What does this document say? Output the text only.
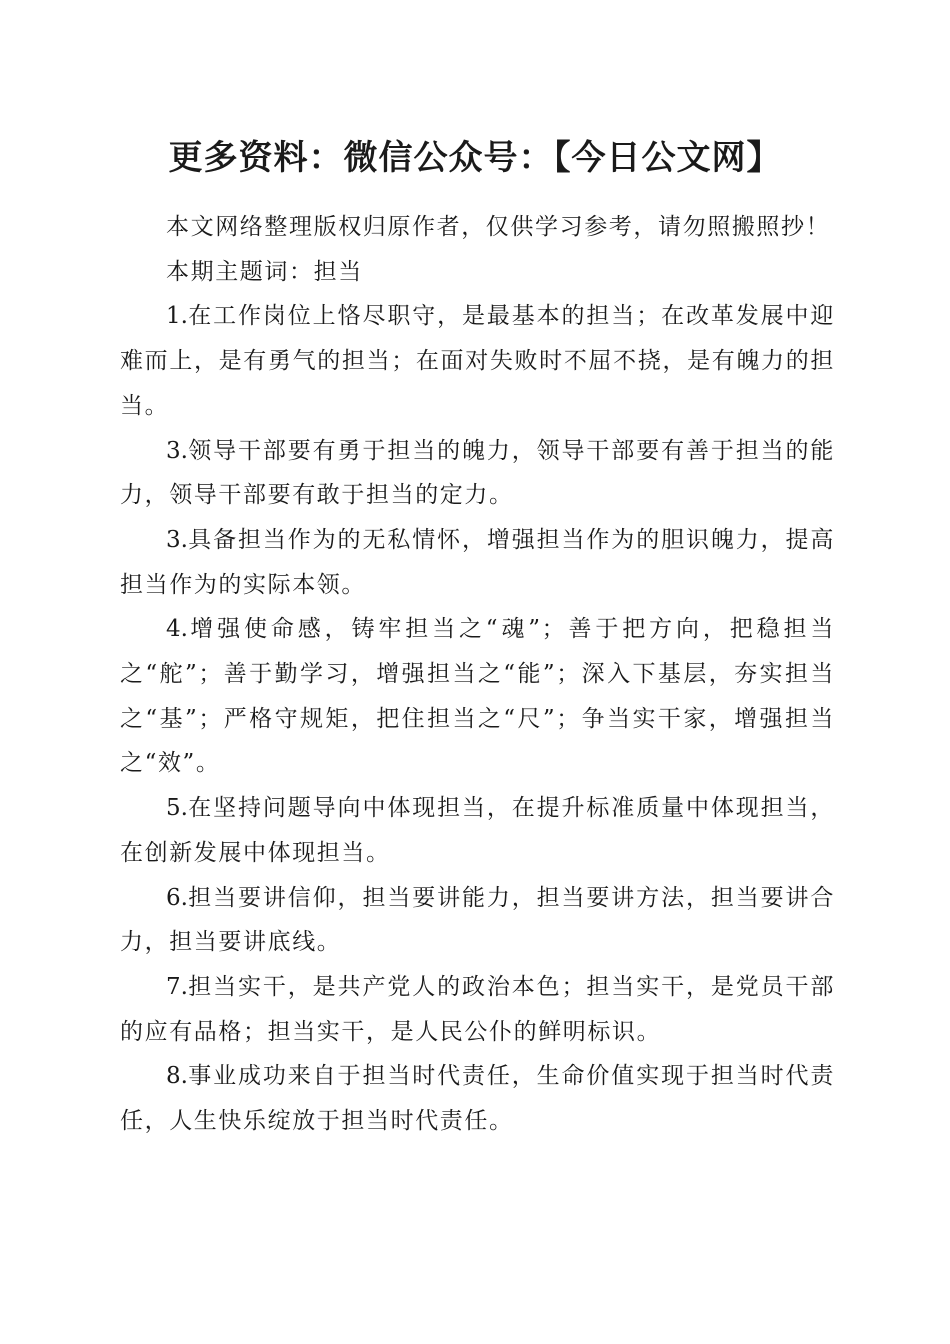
更多资料：微信公众号：【今日公文网】

本文网络整理版权归原作者，仅供学习参考，请勿照搬照抄！

本期主题词：担当

1.在工作岗位上恪尽职守，是最基本的担当；在改革发展中迎难而上，是有勇气的担当；在面对失败时不屈不挠，是有魄力的担当。

3.领导干部要有勇于担当的魄力，领导干部要有善于担当的能力，领导干部要有敢于担当的定力。

3.具备担当作为的无私情怀，增强担当作为的胆识魄力，提高担当作为的实际本领。

4.增强使命感，铸牢担当之“魂”；善于把方向，把稳担当之“舵”；善于勤学习，增强担当之“能”；深入下基层，夯实担当之“基”；严格守规矩，把住担当之“尺”；争当实干家，增强担当之“效”。

5.在坚持问题导向中体现担当，在提升标准质量中体现担当，在创新发展中体现担当。

6.担当要讲信仰，担当要讲能力，担当要讲方法，担当要讲合力，担当要讲底线。

7.担当实干，是共产党人的政治本色；担当实干，是党员干部的应有品格；担当实干，是人民公仆的鲜明标识。

8.事业成功来自于担当时代责任，生命价值实现于担当时代责任，人生快乐绽放于担当时代责任。
